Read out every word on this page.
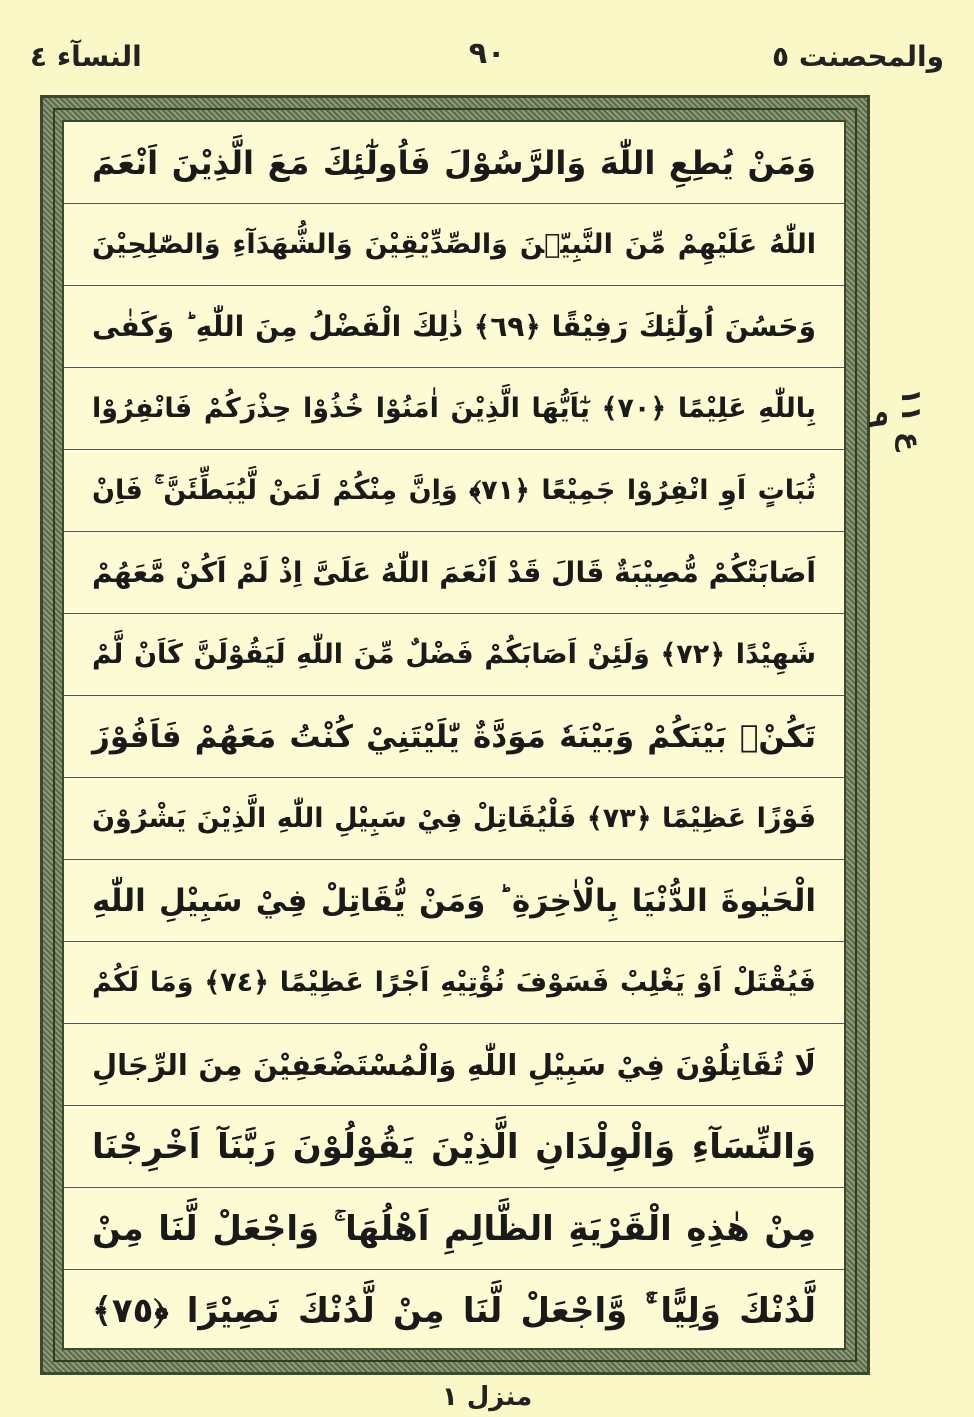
والمحصنت ٥
٩٠
النسآء ٤
وَمَنْ يُطِعِ اللّٰهَ وَالرَّسُوْلَ فَاُولٰٓئِكَ مَعَ الَّذِيْنَ اَنْعَمَ
اللّٰهُ عَلَيْهِمْ مِّنَ النَّبِيّٖنَ وَالصِّدِّيْقِيْنَ وَالشُّهَدَآءِ وَالصّٰلِحِيْنَ
وَحَسُنَ اُولٰٓئِكَ رَفِيْقًا ﴿٦٩﴾ ذٰلِكَ الْفَضْلُ مِنَ اللّٰهِ ؕ وَكَفٰى
بِاللّٰهِ عَلِيْمًا ﴿٧٠﴾ يٰٓاَيُّهَا الَّذِيْنَ اٰمَنُوْا خُذُوْا حِذْرَكُمْ فَانْفِرُوْا
ثُبَاتٍ اَوِ انْفِرُوْا جَمِيْعًا ﴿٧١﴾ وَاِنَّ مِنْكُمْ لَمَنْ لَّيُبَطِّئَنَّ ۚ فَاِنْ
اَصَابَتْكُمْ مُّصِيْبَةٌ قَالَ قَدْ اَنْعَمَ اللّٰهُ عَلَىَّ اِذْ لَمْ اَكُنْ مَّعَهُمْ
شَهِيْدًا ﴿٧٢﴾ وَلَئِنْ اَصَابَكُمْ فَضْلٌ مِّنَ اللّٰهِ لَيَقُوْلَنَّ كَاَنْ لَّمْ
تَكُنْۢ بَيْنَكُمْ وَبَيْنَهٗ مَوَدَّةٌ يّٰلَيْتَنِيْ كُنْتُ مَعَهُمْ فَاَفُوْزَ
فَوْزًا عَظِيْمًا ﴿٧٣﴾ فَلْيُقَاتِلْ فِيْ سَبِيْلِ اللّٰهِ الَّذِيْنَ يَشْرُوْنَ
الْحَيٰوةَ الدُّنْيَا بِالْاٰخِرَةِ ؕ وَمَنْ يُّقَاتِلْ فِيْ سَبِيْلِ اللّٰهِ
فَيُقْتَلْ اَوْ يَغْلِبْ فَسَوْفَ نُؤْتِيْهِ اَجْرًا عَظِيْمًا ﴿٧٤﴾ وَمَا لَكُمْ
لَا تُقَاتِلُوْنَ فِيْ سَبِيْلِ اللّٰهِ وَالْمُسْتَضْعَفِيْنَ مِنَ الرِّجَالِ
وَالنِّسَآءِ وَالْوِلْدَانِ الَّذِيْنَ يَقُوْلُوْنَ رَبَّنَآ اَخْرِجْنَا
مِنْ هٰذِهِ الْقَرْيَةِ الظَّالِمِ اَهْلُهَا ۚ وَاجْعَلْ لَّنَا مِنْ
لَّدُنْكَ وَلِيًّا ۚۙ وَّاجْعَلْ لَّنَا مِنْ لَّدُنْكَ نَصِيْرًا ﴿٧٥﴾
ع ١١ ٩
منزل ١
